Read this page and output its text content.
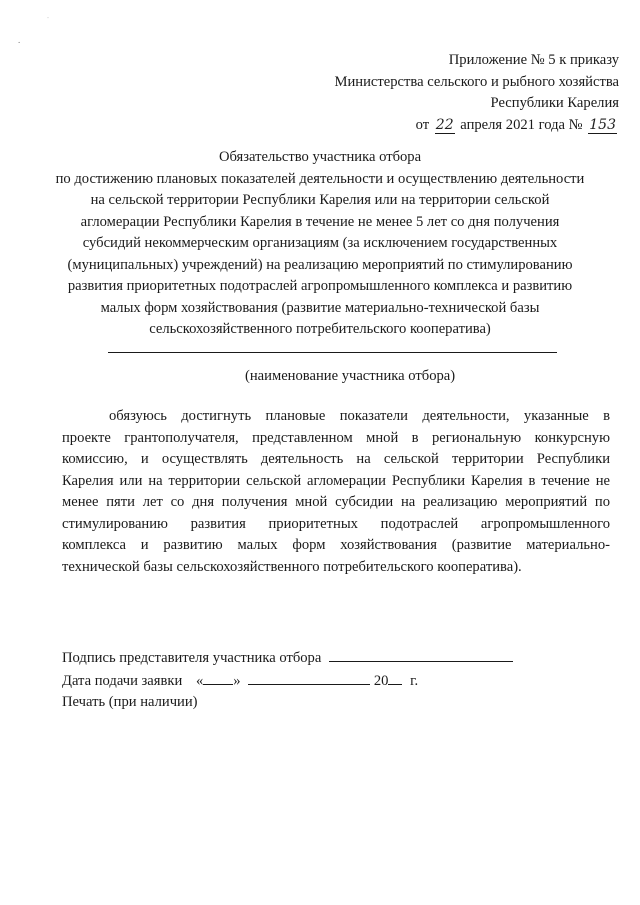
.
Приложение № 5 к приказу
Министерства сельского и рыбного хозяйства
Республики Карелия
от 22 апреля 2021 года № 153
Обязательство участника отбора
по достижению плановых показателей деятельности и осуществлению деятельности
на сельской территории Республики Карелия или на территории сельской
агломерации Республики Карелия в течение не менее 5 лет со дня получения
субсидий некоммерческим организациям (за исключением государственных
(муниципальных) учреждений) на реализацию мероприятий по стимулированию
развития приоритетных подотраслей агропромышленного комплекса и развитию
малых форм хозяйствования (развитие материально-технической базы
сельскохозяйственного потребительского кооператива)
(наименование участника отбора)
обязуюсь достигнуть плановые показатели деятельности, указанные в
проекте грантополучателя, представленном мной в региональную конкурсную
комиссию, и осуществлять деятельность на сельской территории Республики
Карелия или на территории сельской агломерации Республики Карелия в течение не
менее пяти лет со дня получения мной субсидии на реализацию мероприятий по
стимулированию развития приоритетных подотраслей агропромышленного
комплекса и развитию малых форм хозяйствования (развитие материально-
технической базы сельскохозяйственного потребительского кооператива).
Подпись представителя участника отбора
Дата подачи заявки « »	20 г.
Печать (при наличии)
